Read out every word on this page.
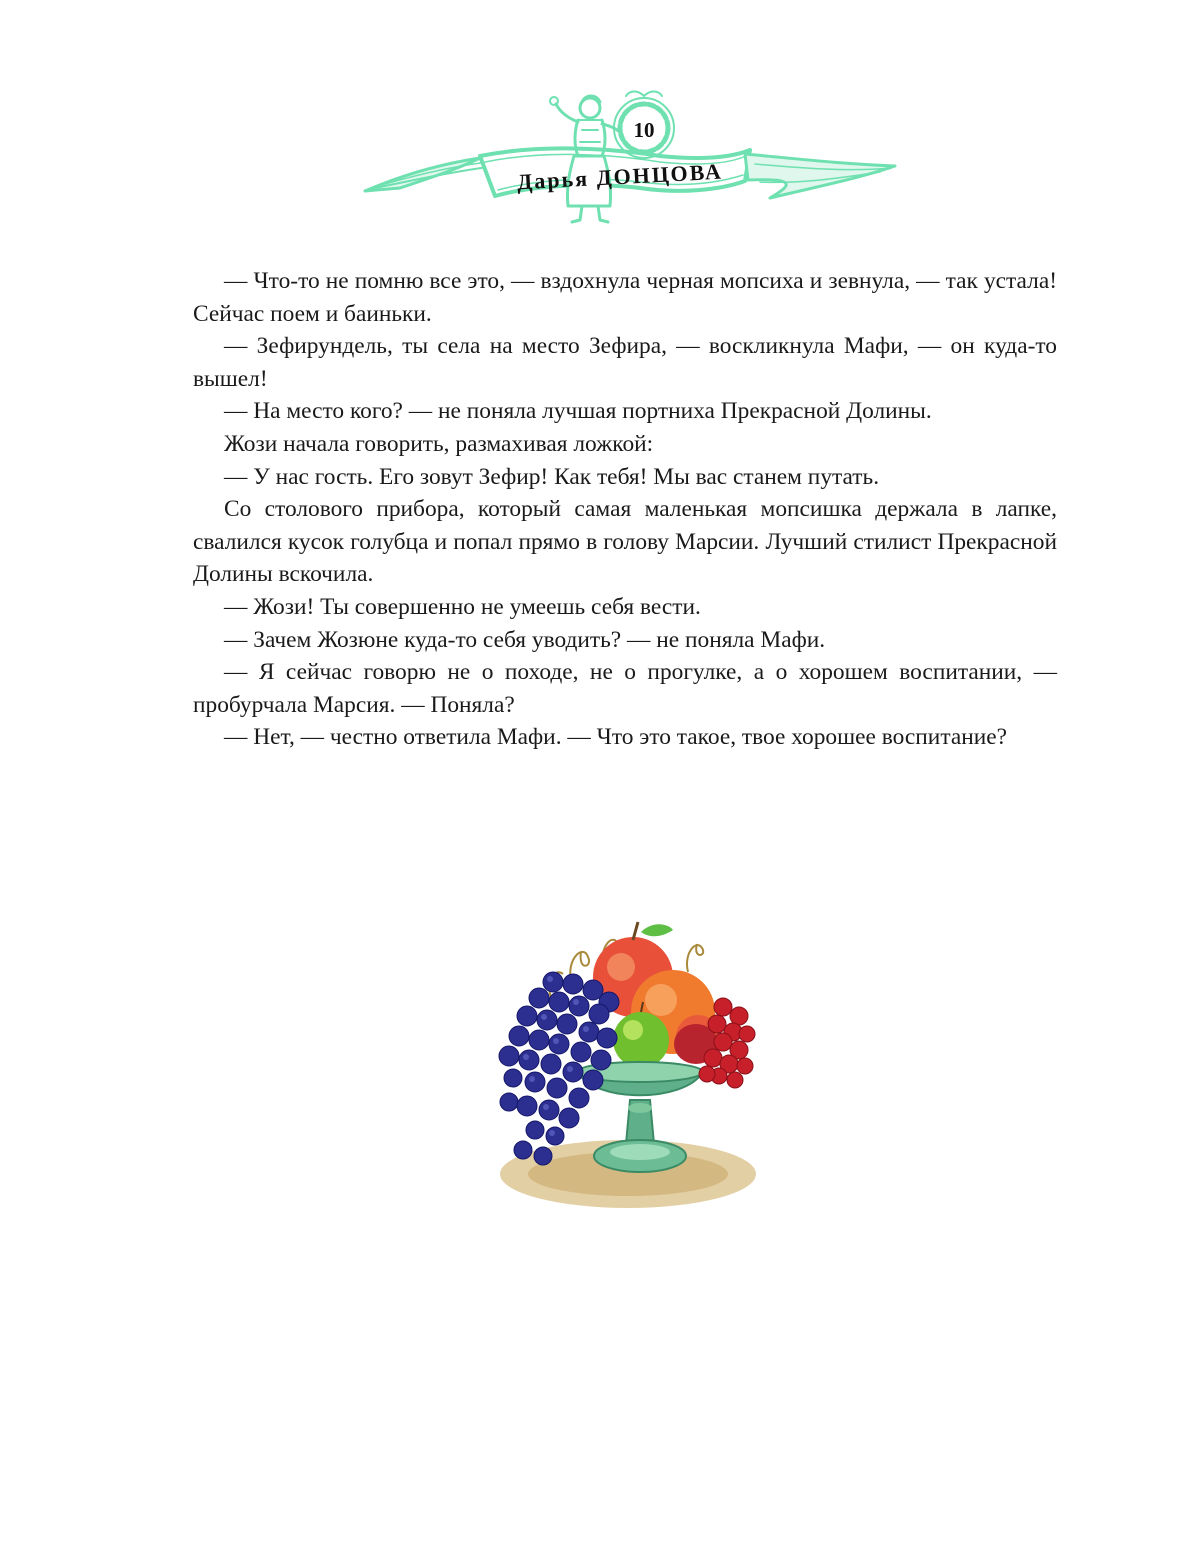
10
Дарья ДОНЦОВА

— Что-то не помню все это, — вздохнула черная мопсиха и зевнула, — так устала! Сейчас поем и баиньки.

— Зефирундель, ты села на место Зефира, — воскликнула Мафи, — он куда-то вышел!

— На место кого? — не поняла лучшая портниха Прекрасной Долины.

Жози начала говорить, размахивая ложкой:

— У нас гость. Его зовут Зефир! Как тебя! Мы вас станем путать.

Со столового прибора, который самая маленькая мопсишка держала в лапке, свалился кусок голубца и попал прямо в голову Марсии. Лучший стилист Прекрасной Долины вскочила.

— Жози! Ты совершенно не умеешь себя вести.

— Зачем Жозюне куда-то себя уводить? — не поняла Мафи.

— Я сейчас говорю не о походе, не о прогулке, а о хорошем воспитании, — пробурчала Марсия. — Поняла?

— Нет, — честно ответила Мафи. — Что это такое, твое хорошее воспитание?
